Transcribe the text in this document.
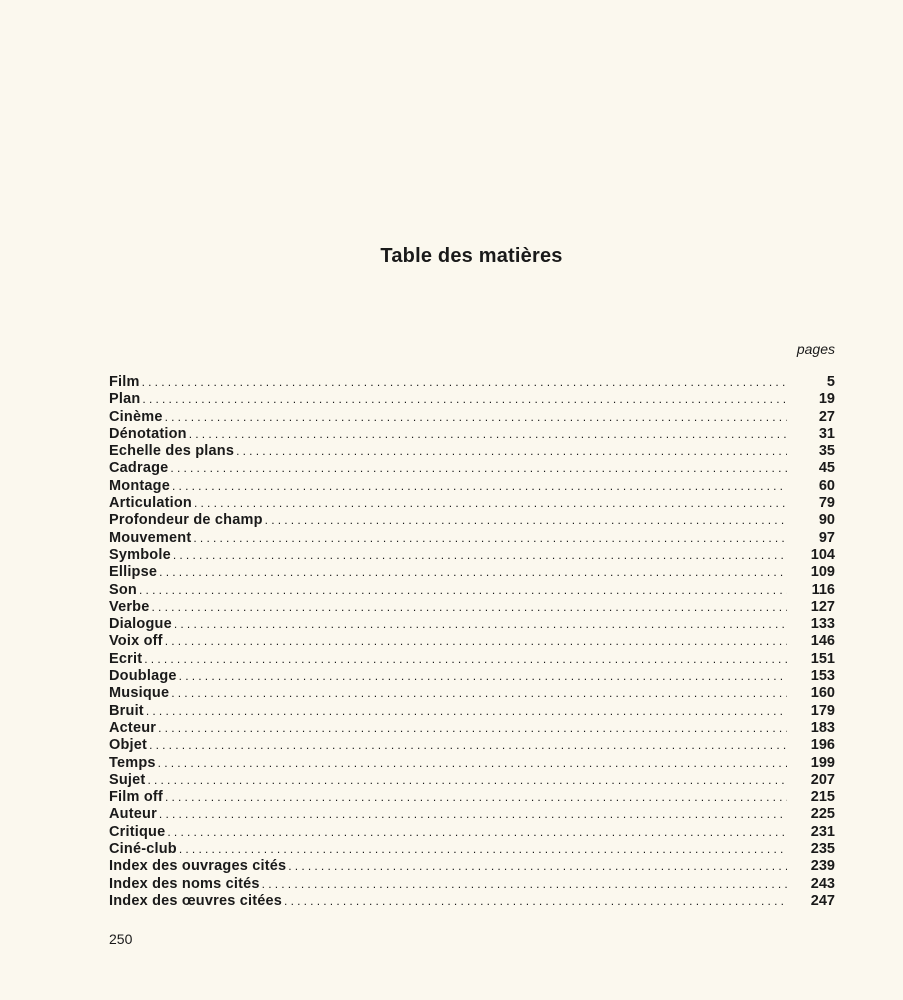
Table des matières
pages
Film .....	5
Plan .....	19
Cinème .....	27
Dénotation .....	31
Echelle des plans .....	35
Cadrage .....	45
Montage .....	60
Articulation .....	79
Profondeur de champ .....	90
Mouvement .....	97
Symbole .....	104
Ellipse .....	109
Son .....	116
Verbe .....	127
Dialogue .....	133
Voix off .....	146
Ecrit .....	151
Doublage .....	153
Musique .....	160
Bruit .....	179
Acteur .....	183
Objet .....	196
Temps .....	199
Sujet .....	207
Film off .....	215
Auteur .....	225
Critique .....	231
Ciné-club .....	235
Index des ouvrages cités .....	239
Index des noms cités .....	243
Index des œuvres citées .....	247
250
